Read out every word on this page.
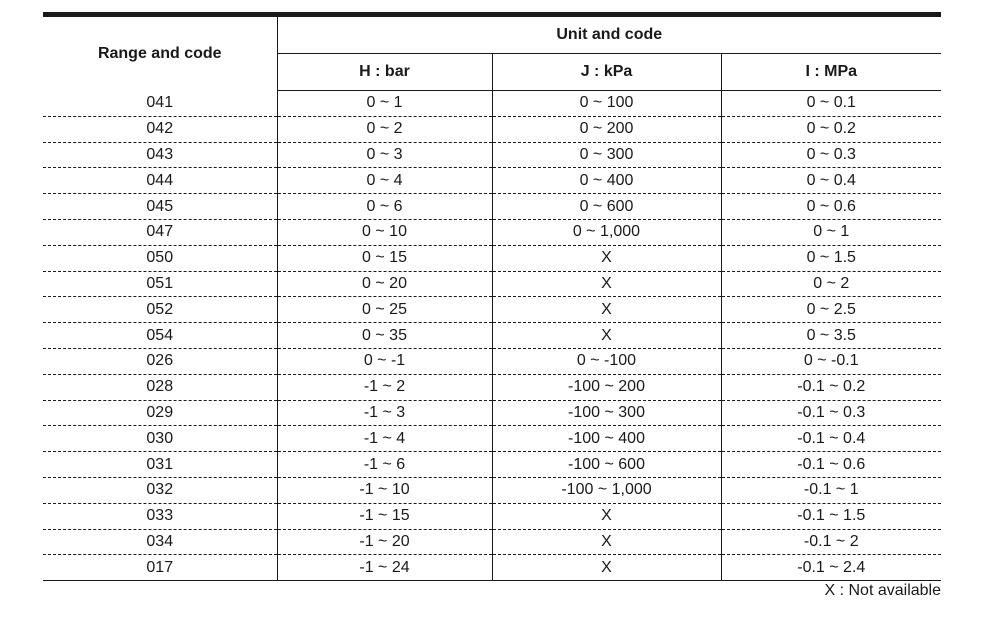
Range and code	Unit and code		
	H : bar	J : kPa	I : MPa
041	0 ~ 1	0 ~ 100	0 ~ 0.1
042	0 ~ 2	0 ~ 200	0 ~ 0.2
043	0 ~ 3	0 ~ 300	0 ~ 0.3
044	0 ~ 4	0 ~ 400	0 ~ 0.4
045	0 ~ 6	0 ~ 600	0 ~ 0.6
047	0 ~ 10	0 ~ 1,000	0 ~ 1
050	0 ~ 15	X	0 ~ 1.5
051	0 ~ 20	X	0 ~ 2
052	0 ~ 25	X	0 ~ 2.5
054	0 ~ 35	X	0 ~ 3.5
026	0 ~ -1	0 ~ -100	0 ~ -0.1
028	-1 ~ 2	-100 ~ 200	-0.1 ~ 0.2
029	-1 ~ 3	-100 ~ 300	-0.1 ~ 0.3
030	-1 ~ 4	-100 ~ 400	-0.1 ~ 0.4
031	-1 ~ 6	-100 ~ 600	-0.1 ~ 0.6
032	-1 ~ 10	-100 ~ 1,000	-0.1 ~ 1
033	-1 ~ 15	X	-0.1 ~ 1.5
034	-1 ~ 20	X	-0.1 ~ 2
017	-1 ~ 24	X	-0.1 ~ 2.4
X : Not available
